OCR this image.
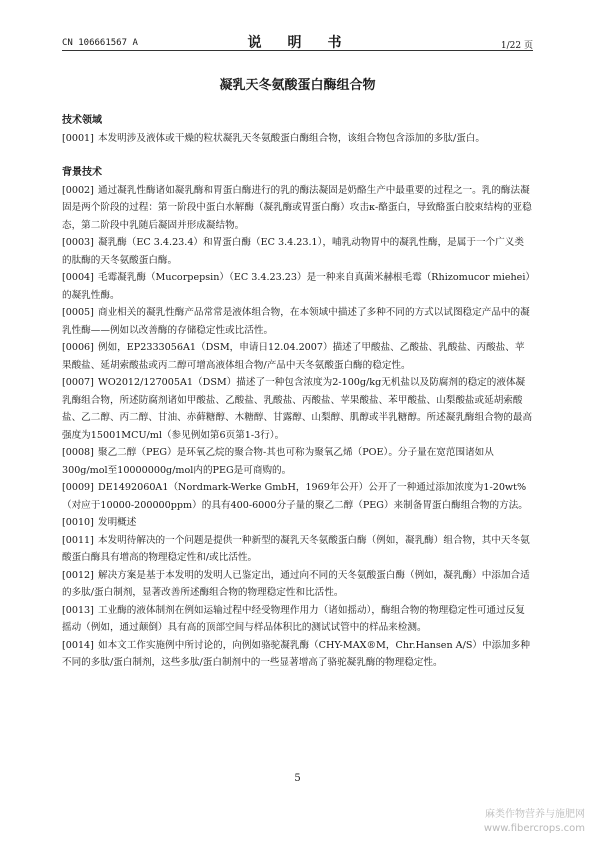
CN 106661567 A	说　明　书	1/22 页
凝乳天冬氨酸蛋白酶组合物
技术领域

[0001] 本发明涉及液体或干燥的粒状凝乳天冬氨酸蛋白酶组合物，该组合物包含添加的多肽/蛋白。

背景技术

[0002] 通过凝乳性酶诸如凝乳酶和胃蛋白酶进行的乳的酶法凝固是奶酪生产中最重要的过程之一。乳的酶法凝固是两个阶段的过程：第一阶段中蛋白水解酶（凝乳酶或胃蛋白酶）攻击κ-酪蛋白，导致酪蛋白胶束结构的亚稳态，第二阶段中乳随后凝固并形成凝结物。

[0003] 凝乳酶（EC 3.4.23.4）和胃蛋白酶（EC 3.4.23.1），哺乳动物胃中的凝乳性酶，是属于一个广义类的肽酶的天冬氨酸蛋白酶。

[0004] 毛霉凝乳酶（Mucorpepsin）（EC 3.4.23.23）是一种来自真菌米赫根毛霉（Rhizomucor miehei）的凝乳性酶。

[0005] 商业相关的凝乳性酶产品常常是液体组合物，在本领域中描述了多种不同的方式以试图稳定产品中的凝乳性酶——例如以改善酶的存储稳定性或比活性。

[0006] 例如，EP2333056A1（DSM，申请日12.04.2007）描述了甲酸盐、乙酸盐、乳酸盐、丙酸盐、苹果酸盐、延胡索酸盐或丙二醇可增高液体组合物/产品中天冬氨酸蛋白酶的稳定性。

[0007] WO2012/127005A1（DSM）描述了一种包含浓度为2-100g/kg无机盐以及防腐剂的稳定的液体凝乳酶组合物，所述防腐剂诸如甲酸盐、乙酸盐、乳酸盐、丙酸盐、苹果酸盐、苯甲酸盐、山梨酸盐或延胡索酸盐、乙二醇、丙二醇、甘油、赤藓糖醇、木糖醇、甘露醇、山梨醇、肌醇或半乳糖醇。所述凝乳酶组合物的最高强度为15001MCU/ml（参见例如第6页第1-3行）。

[0008] 聚乙二醇（PEG）是环氧乙烷的聚合物-其也可称为聚氧乙烯（POE）。分子量在宽范围诸如从300g/mol至10000000g/mol内的PEG是可商购的。

[0009] DE1492060A1（Nordmark-Werke GmbH，1969年公开）公开了一种通过添加浓度为1-20wt%（对应于10000-200000ppm）的具有400-6000分子量的聚乙二醇（PEG）来制备胃蛋白酶组合物的方法。

[0010] 发明概述

[0011] 本发明待解决的一个问题是提供一种新型的凝乳天冬氨酸蛋白酶（例如，凝乳酶）组合物，其中天冬氨酸蛋白酶具有增高的物理稳定性和/或比活性。

[0012] 解决方案是基于本发明的发明人已鉴定出，通过向不同的天冬氨酸蛋白酶（例如，凝乳酶）中添加合适的多肽/蛋白制剂，显著改善所述酶组合物的物理稳定性和比活性。

[0013] 工业酶的液体制剂在例如运输过程中经受物理作用力（诸如摇动），酶组合物的物理稳定性可通过反复摇动（例如，通过颠倒）具有高的顶部空间与样品体积比的测试试管中的样品来检测。

[0014] 如本文工作实施例中所讨论的，向例如骆驼凝乳酶（CHY-MAX®M，Chr.Hansen A/S）中添加多种不同的多肽/蛋白制剂，这些多肽/蛋白制剂中的一些显著增高了骆驼凝乳酶的物理稳定性。

5
麻类作物营养与施肥网
www.fibercrops.com
